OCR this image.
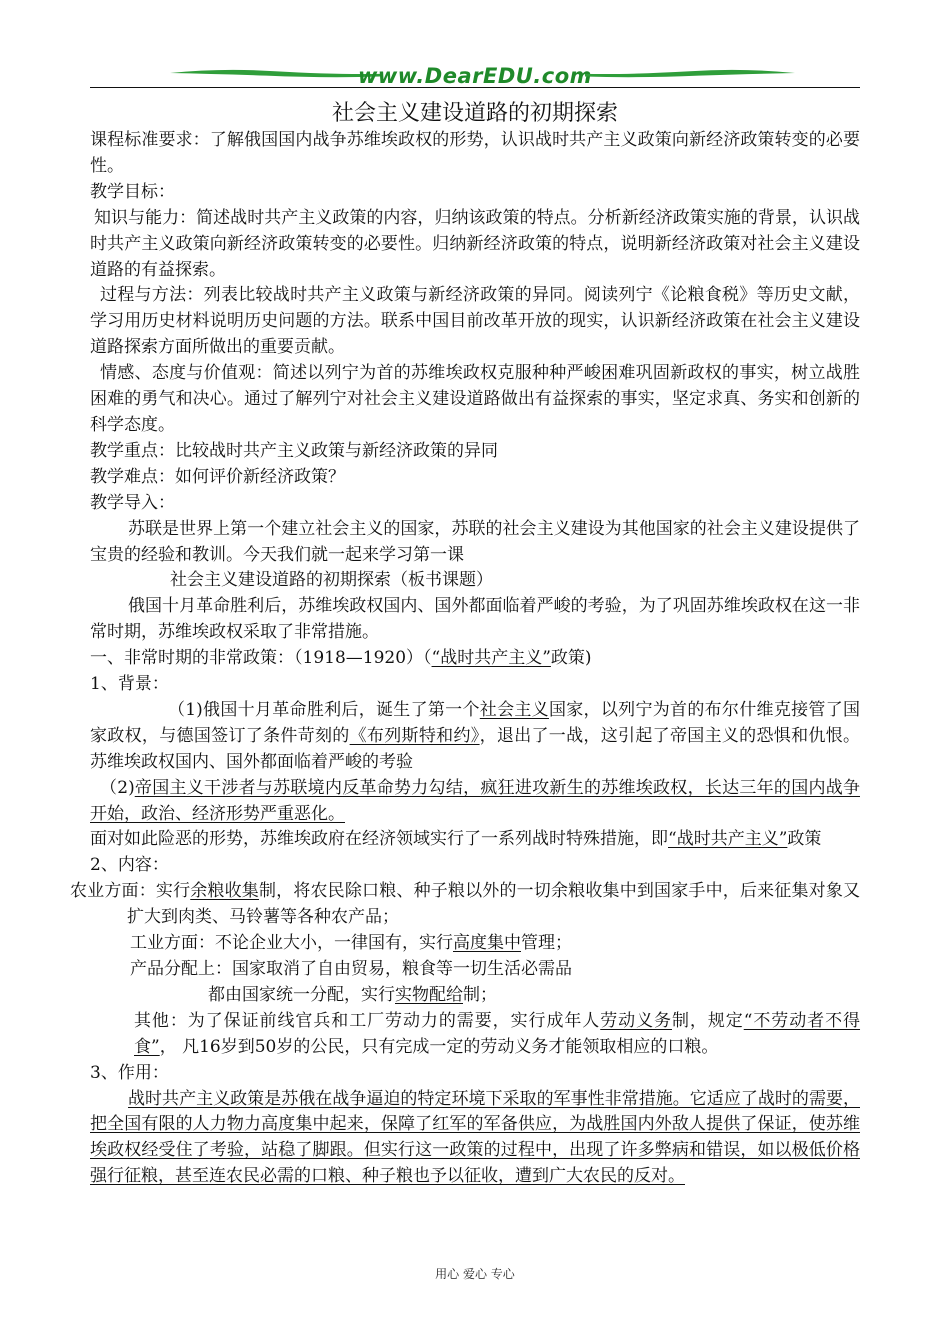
www.DearEDU.com
社会主义建设道路的初期探索

课程标准要求：了解俄国国内战争苏维埃政权的形势，认识战时共产主义政策向新经济政策转变的必要性。

教学目标：

知识与能力：简述战时共产主义政策的内容，归纳该政策的特点。分析新经济政策实施的背景，认识战时共产主义政策向新经济政策转变的必要性。归纳新经济政策的特点，说明新经济政策对社会主义建设道路的有益探索。

过程与方法：列表比较战时共产主义政策与新经济政策的异同。阅读列宁《论粮食税》等历史文献，学习用历史材料说明历史问题的方法。联系中国目前改革开放的现实，认识新经济政策在社会主义建设道路探索方面所做出的重要贡献。

情感、态度与价值观：简述以列宁为首的苏维埃政权克服种种严峻困难巩固新政权的事实，树立战胜困难的勇气和决心。通过了解列宁对社会主义建设道路做出有益探索的事实，坚定求真、务实和创新的科学态度。

教学重点：比较战时共产主义政策与新经济政策的异同

教学难点：如何评价新经济政策？

教学导入：

苏联是世界上第一个建立社会主义的国家，苏联的社会主义建设为其他国家的社会主义建设提供了宝贵的经验和教训。今天我们就一起来学习第一课

社会主义建设道路的初期探索（板书课题）

俄国十月革命胜利后，苏维埃政权国内、国外都面临着严峻的考验，为了巩固苏维埃政权在这一非常时期，苏维埃政权采取了非常措施。

一、非常时期的非常政策：（1918—1920）（“战时共产主义”政策)

1、背景：

（1)俄国十月革命胜利后，诞生了第一个社会主义国家，以列宁为首的布尔什维克接管了国家政权，与德国签订了条件苛刻的《布列斯特和约》，退出了一战，这引起了帝国主义的恐惧和仇恨。苏维埃政权国内、国外都面临着严峻的考验

（2)帝国主义干涉者与苏联境内反革命势力勾结，疯狂进攻新生的苏维埃政权，长达三年的国内战争开始，政治、经济形势严重恶化。

面对如此险恶的形势，苏维埃政府在经济领域实行了一系列战时特殊措施，即“战时共产主义”政策

2、内容：

农业方面：实行余粮收集制，将农民除口粮、种子粮以外的一切余粮收集中到国家手中，后来征集对象又扩大到肉类、马铃薯等各种农产品；

工业方面：不论企业大小，一律国有，实行高度集中管理；

产品分配上：国家取消了自由贸易，粮食等一切生活必需品

都由国家统一分配，实行实物配给制；

其他：为了保证前线官兵和工厂劳动力的需要，实行成年人劳动义务制，规定“不劳动者不得食”， 凡16岁到50岁的公民，只有完成一定的劳动义务才能领取相应的口粮。

3、作用：

战时共产主义政策是苏俄在战争逼迫的特定环境下采取的军事性非常措施。它适应了战时的需要，把全国有限的人力物力高度集中起来，保障了红军的军备供应，为战胜国内外敌人提供了保证，使苏维埃政权经受住了考验，站稳了脚跟。但实行这一政策的过程中，出现了许多弊病和错误，如以极低价格强行征粮，甚至连农民必需的口粮、种子粮也予以征收，遭到广大农民的反对。

用心 爱心 专心
